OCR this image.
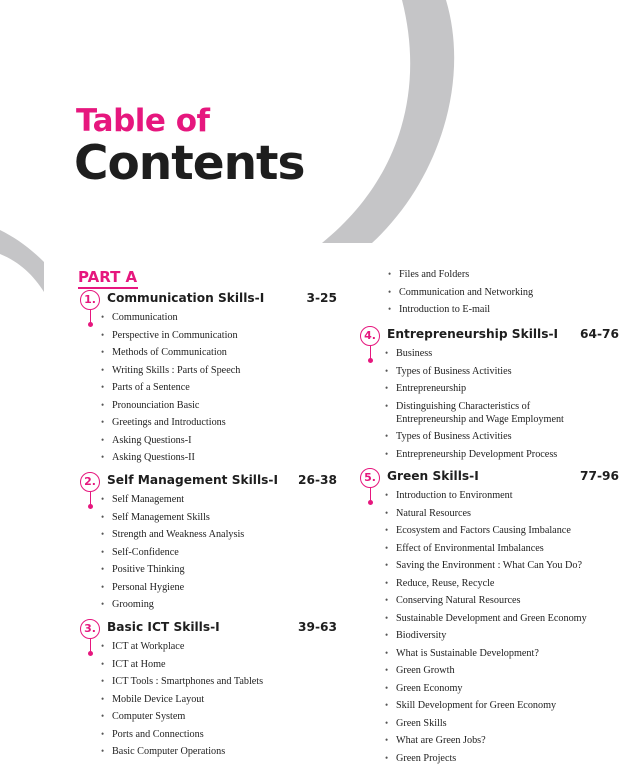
Table of
Contents
PART A
1. Communication Skills-I	3-25
• Communication
• Perspective in Communication
• Methods of Communication
• Writing Skills : Parts of Speech
• Parts of a Sentence
• Pronounciation Basic
• Greetings and Introductions
• Asking Questions-I
• Asking Questions-II
2. Self Management Skills-I 26-38
• Self Management
• Self Management Skills
• Strength and Weakness Analysis
• Self-Confidence
• Positive Thinking
• Personal Hygiene
• Grooming
3. Basic ICT Skills-I	39-63
• ICT at Workplace
• ICT at Home
• ICT Tools : Smartphones and Tablets
• Mobile Device Layout
• Computer System
• Ports and Connections
• Basic Computer Operations
• Files and Folders
• Communication and Networking
• Introduction to E-mail
4. Entrepreneurship Skills-I 64-76
• Business
• Types of Business Activities
• Entrepreneurship
• Distinguishing Characteristics of
Entrepreneurship and Wage Employment
• Types of Business Activities
• Entrepreneurship Development Process
5. Green Skills-I	77-96
• Introduction to Environment
• Natural Resources
• Ecosystem and Factors Causing Imbalance
• Effect of Environmental Imbalances
• Saving the Environment : What Can You Do?
• Reduce, Reuse, Recycle
• Conserving Natural Resources
• Sustainable Development and Green Economy
• Biodiversity
• What is Sustainable Development?
• Green Growth
• Green Economy
• Skill Development for Green Economy
• Green Skills
• What are Green Jobs?
• Green Projects
